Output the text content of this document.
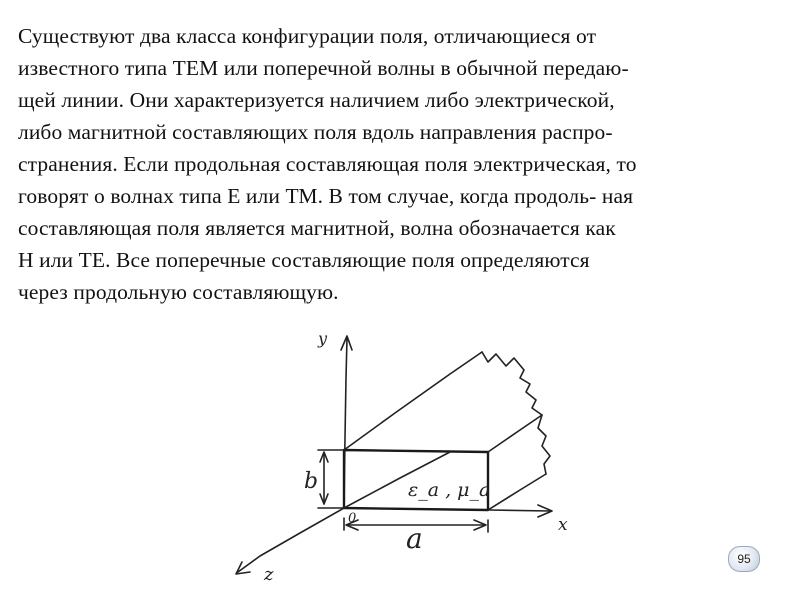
Существуют два класса конфигурации поля, отличающиеся от
известного типа ТЕМ или поперечной волны в обычной передаю-
щей линии. Они характеризуется наличием либо электрической,
либо магнитной составляющих поля вдоль направления распро-
странения. Если продольная составляющая поля электрическая, то
говорят о волнах типа Е или ТМ. В том случае, когда продоль- ная
составляющая поля является магнитной, волна обозначается как
Н или ТЕ. Все поперечные составляющие поля определяются
через продольную составляющую.
y
x
z
b
a
0
ε_a , μ_a
95
